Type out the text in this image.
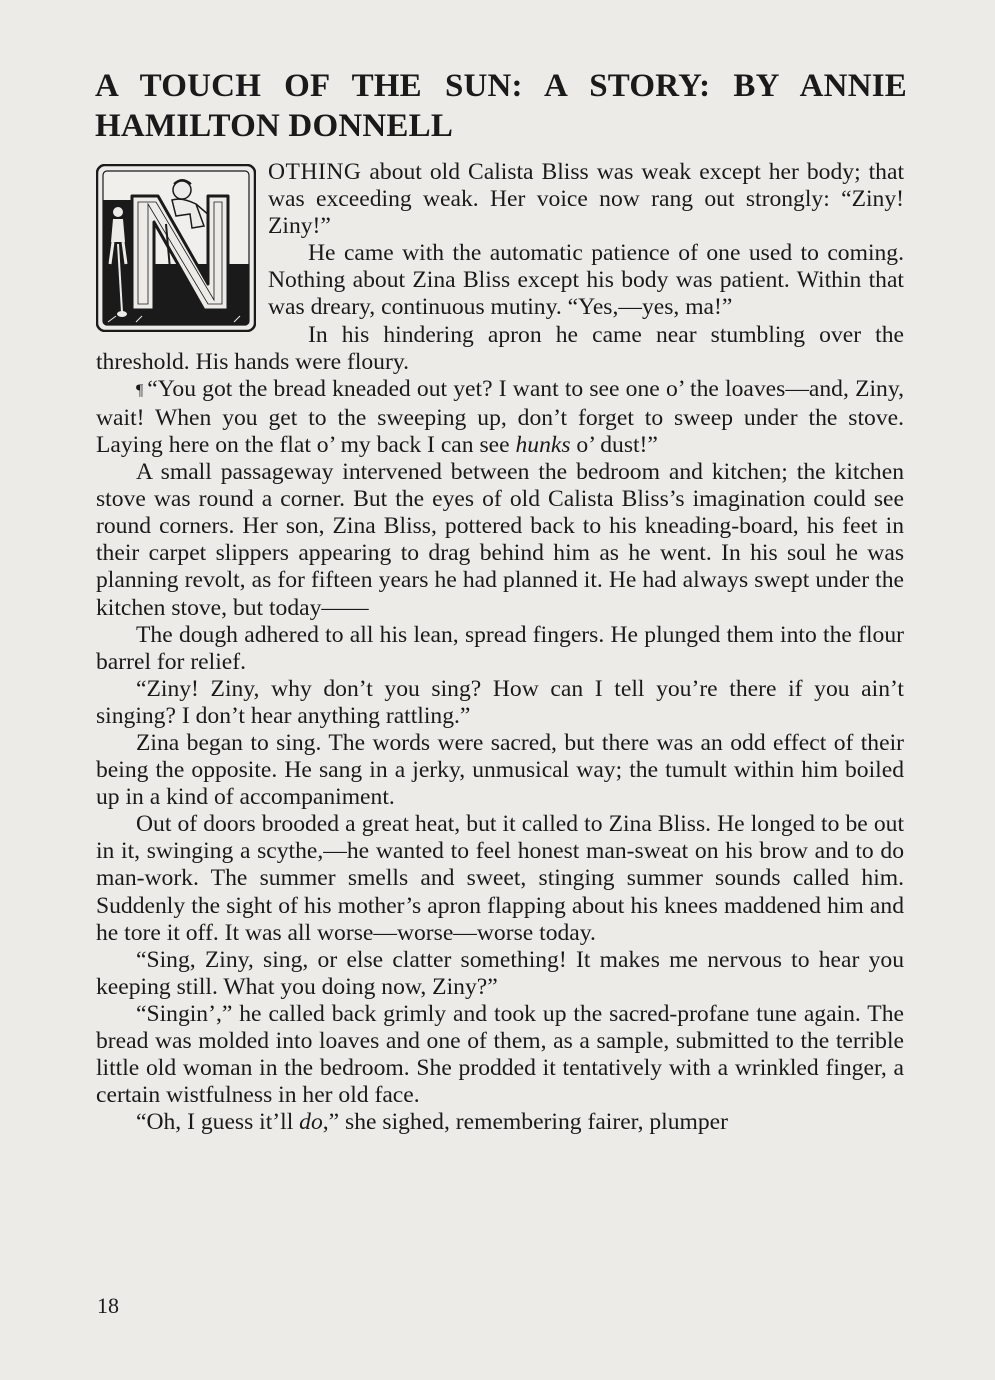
A TOUCH OF THE SUN: A STORY: BY ANNIE HAMILTON DONNELL

OTHING about old Calista Bliss was weak except her body; that was exceeding weak. Her voice now rang out strongly: “Ziny! Ziny!”

He came with the automatic patience of one used to coming. Nothing about Zina Bliss except his body was patient. Within that was dreary, continuous mutiny. “Yes,—yes, ma!”

In his hindering apron he came near stumbling over the threshold. His hands were floury.

¶ “You got the bread kneaded out yet? I want to see one o’ the loaves—and, Ziny, wait! When you get to the sweeping up, don’t forget to sweep under the stove. Laying here on the flat o’ my back I can see hunks o’ dust!”

A small passageway intervened between the bedroom and kitchen; the kitchen stove was round a corner. But the eyes of old Calista Bliss’s imagination could see round corners. Her son, Zina Bliss, pottered back to his kneading-board, his feet in their carpet slippers appearing to drag behind him as he went. In his soul he was planning revolt, as for fifteen years he had planned it. He had always swept under the kitchen stove, but today——

The dough adhered to all his lean, spread fingers. He plunged them into the flour barrel for relief.

“Ziny! Ziny, why don’t you sing? How can I tell you’re there if you ain’t singing? I don’t hear anything rattling.”

Zina began to sing. The words were sacred, but there was an odd effect of their being the opposite. He sang in a jerky, unmusical way; the tumult within him boiled up in a kind of accompaniment.

Out of doors brooded a great heat, but it called to Zina Bliss. He longed to be out in it, swinging a scythe,—he wanted to feel honest man-sweat on his brow and to do man-work. The summer smells and sweet, stinging summer sounds called him. Suddenly the sight of his mother’s apron flapping about his knees maddened him and he tore it off. It was all worse—worse—worse today.

“Sing, Ziny, sing, or else clatter something! It makes me nervous to hear you keeping still. What you doing now, Ziny?”

“Singin’,” he called back grimly and took up the sacred-profane tune again. The bread was molded into loaves and one of them, as a sample, submitted to the terrible little old woman in the bedroom. She prodded it tentatively with a wrinkled finger, a certain wistfulness in her old face.

“Oh, I guess it’ll do,” she sighed, remembering fairer, plumper

18
